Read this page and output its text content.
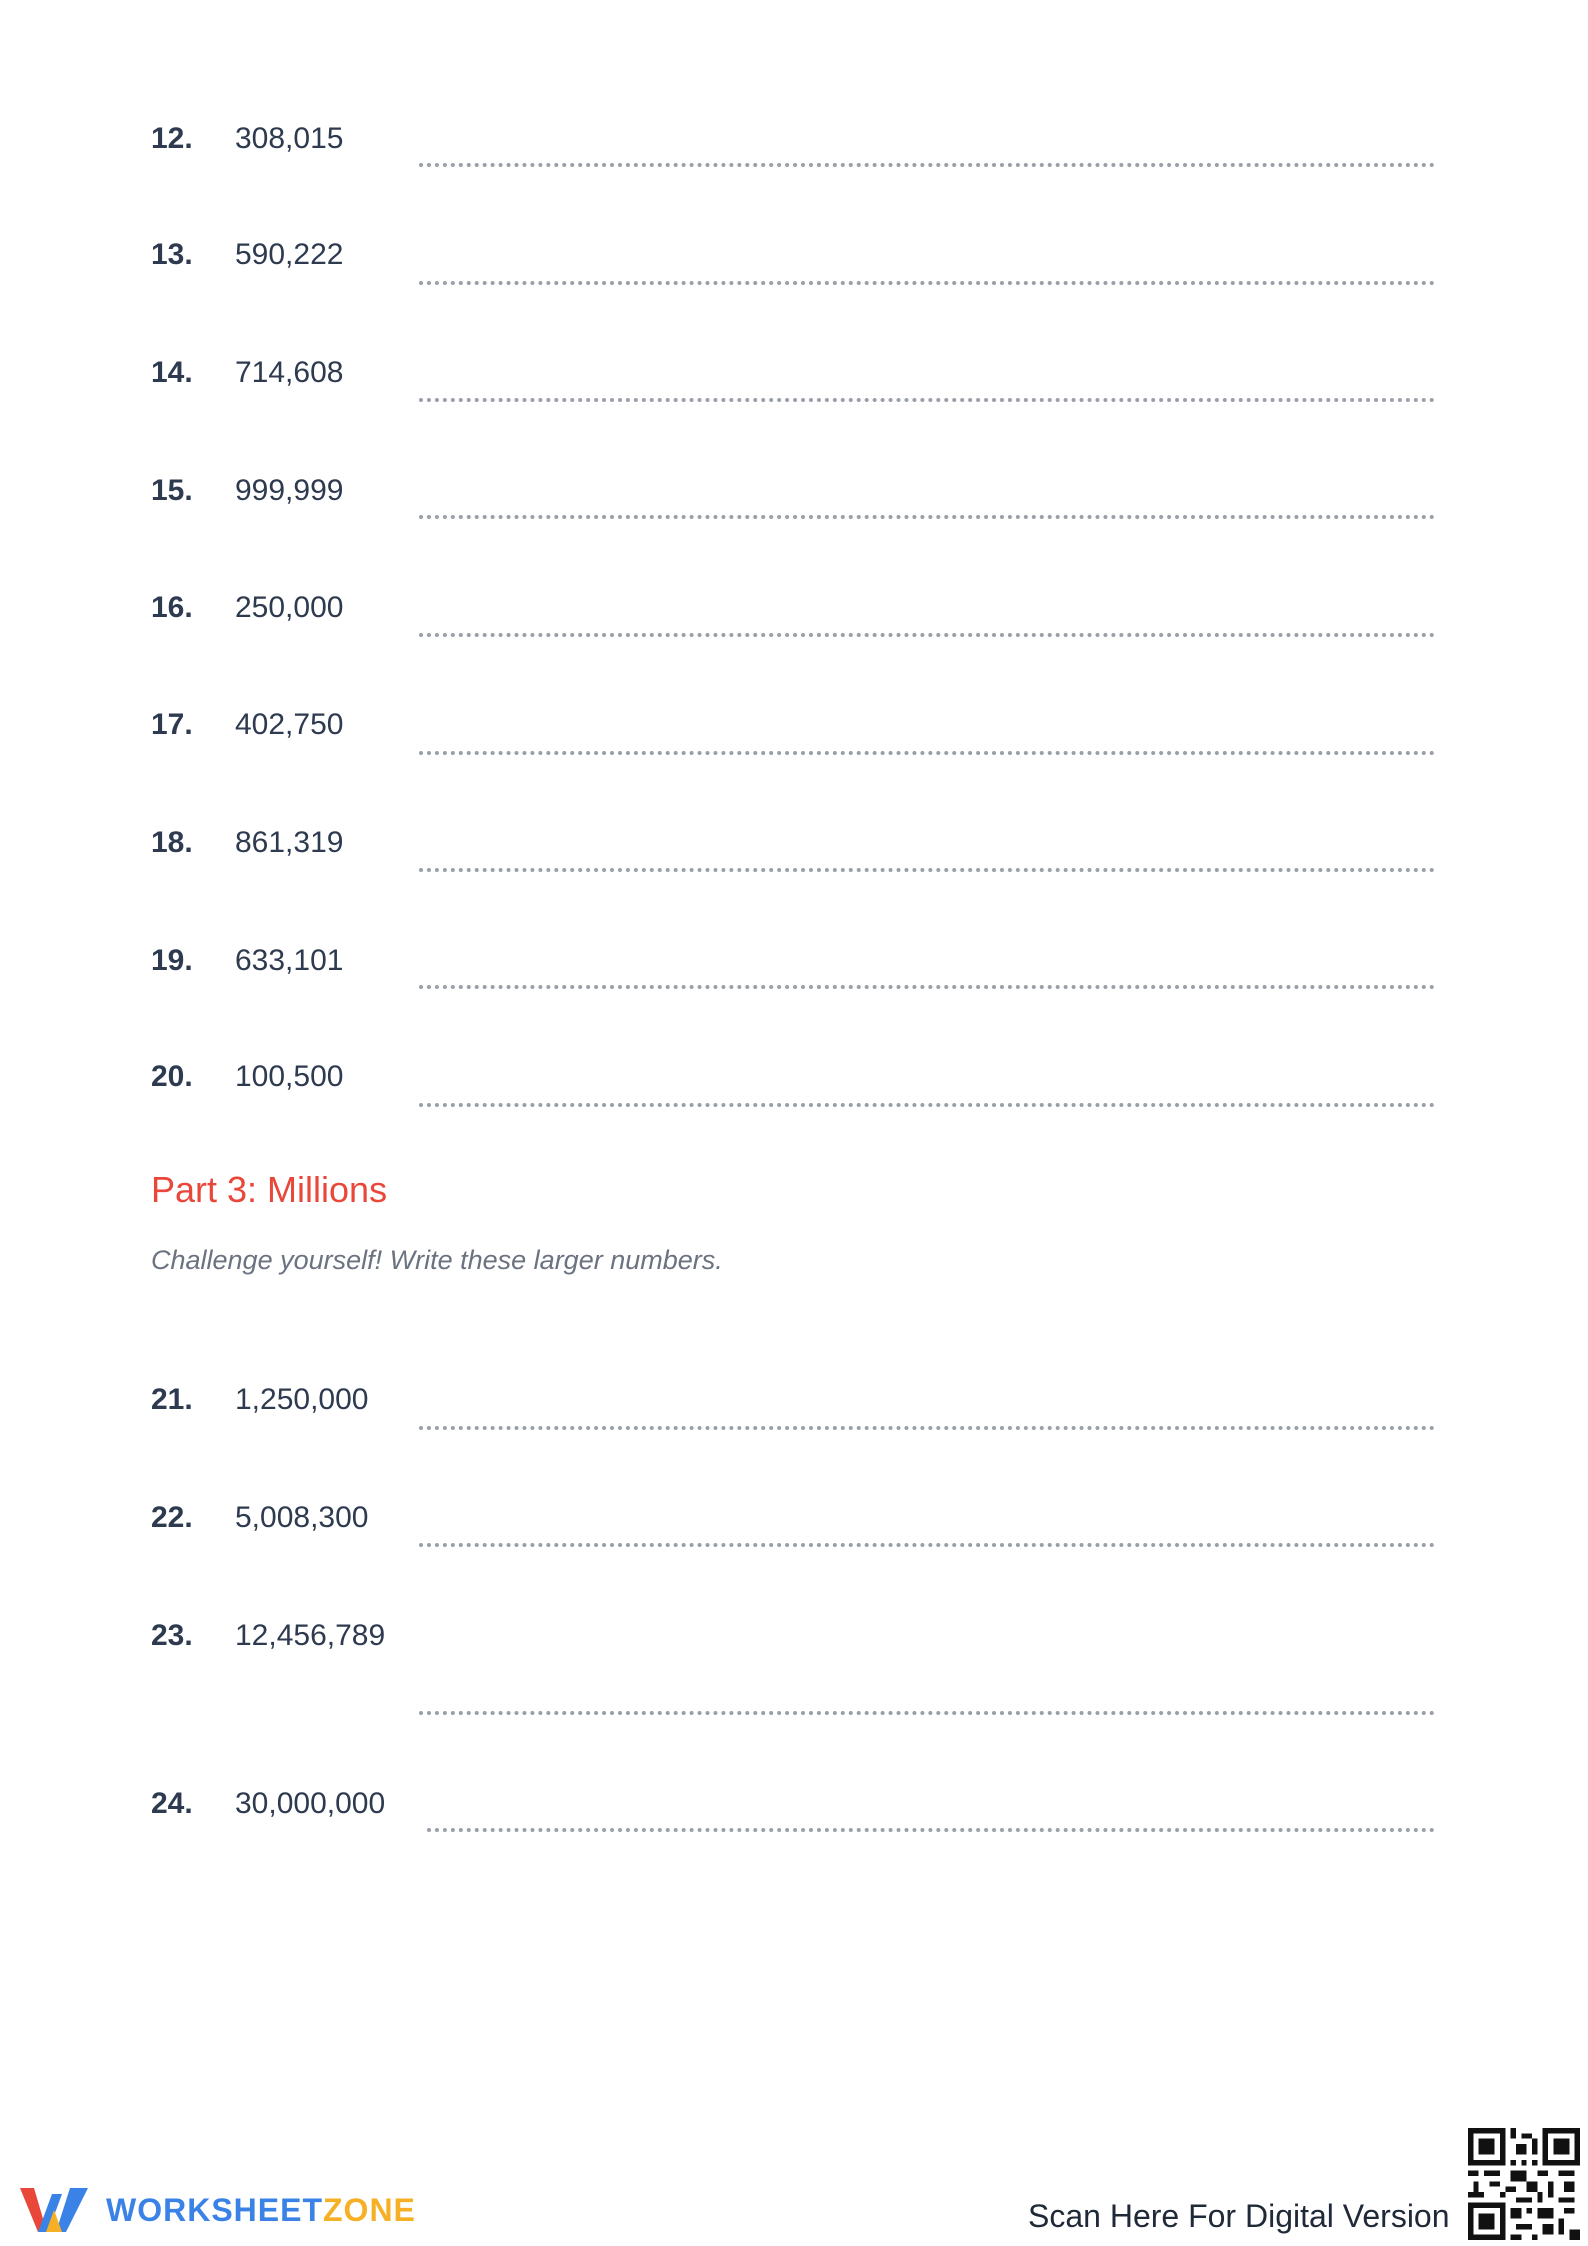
12. 308,015
13. 590,222
14. 714,608
15. 999,999
16. 250,000
17. 402,750
18. 861,319
19. 633,101
20. 100,500
Part 3: Millions
Challenge yourself! Write these larger numbers.
21. 1,250,000
22. 5,008,300
23. 12,456,789
24. 30,000,000
WORKSHEETZONE	Scan Here For Digital Version
